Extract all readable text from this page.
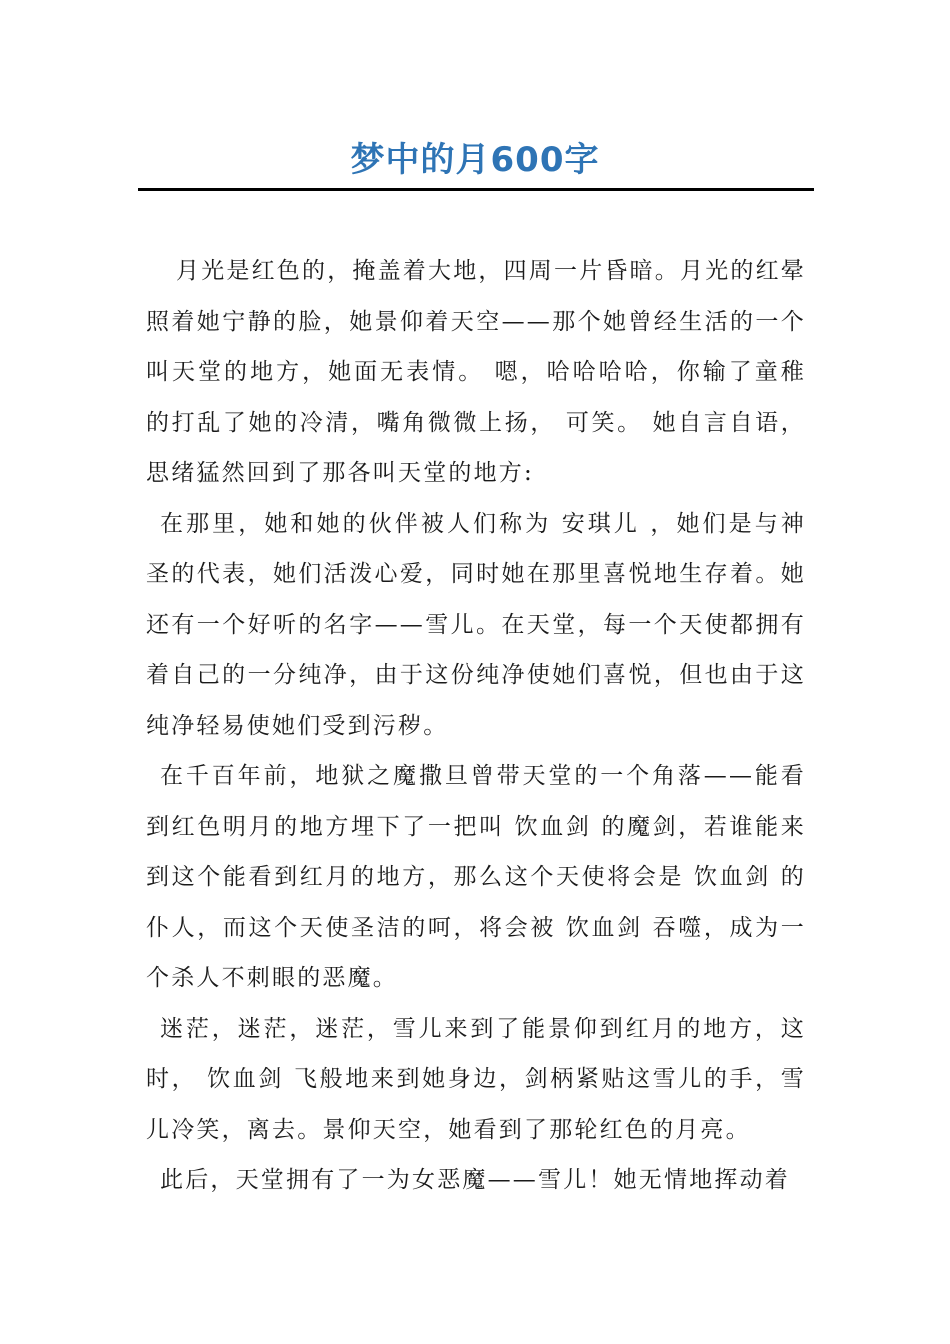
梦中的月600字

月光是红色的，掩盖着大地，四周一片昏暗。月光的红晕照着她宁静的脸，她景仰着天空——那个她曾经生活的一个叫天堂的地方，她面无表情。 嗯，哈哈哈哈，你输了童稚的打乱了她的冷清，嘴角微微上扬， 可笑。 她自言自语，思绪猛然回到了那各叫天堂的地方:

在那里，她和她的伙伴被人们称为 安琪儿 ，她们是与神圣的代表，她们活泼心爱，同时她在那里喜悦地生存着。她还有一个好听的名字——雪儿。在天堂，每一个天使都拥有着自己的一分纯净，由于这份纯净使她们喜悦，但也由于这纯净轻易使她们受到污秽。

在千百年前，地狱之魔撒旦曾带天堂的一个角落——能看到红色明月的地方埋下了一把叫 饮血剑 的魔剑，若谁能来到这个能看到红月的地方，那么这个天使将会是 饮血剑 的仆人，而这个天使圣洁的呵，将会被 饮血剑 吞噬，成为一个杀人不刺眼的恶魔。

迷茫，迷茫，迷茫，雪儿来到了能景仰到红月的地方，这时， 饮血剑 飞般地来到她身边，剑柄紧贴这雪儿的手，雪儿冷笑，离去。景仰天空，她看到了那轮红色的月亮。

此后，天堂拥有了一为女恶魔——雪儿！她无情地挥动着
